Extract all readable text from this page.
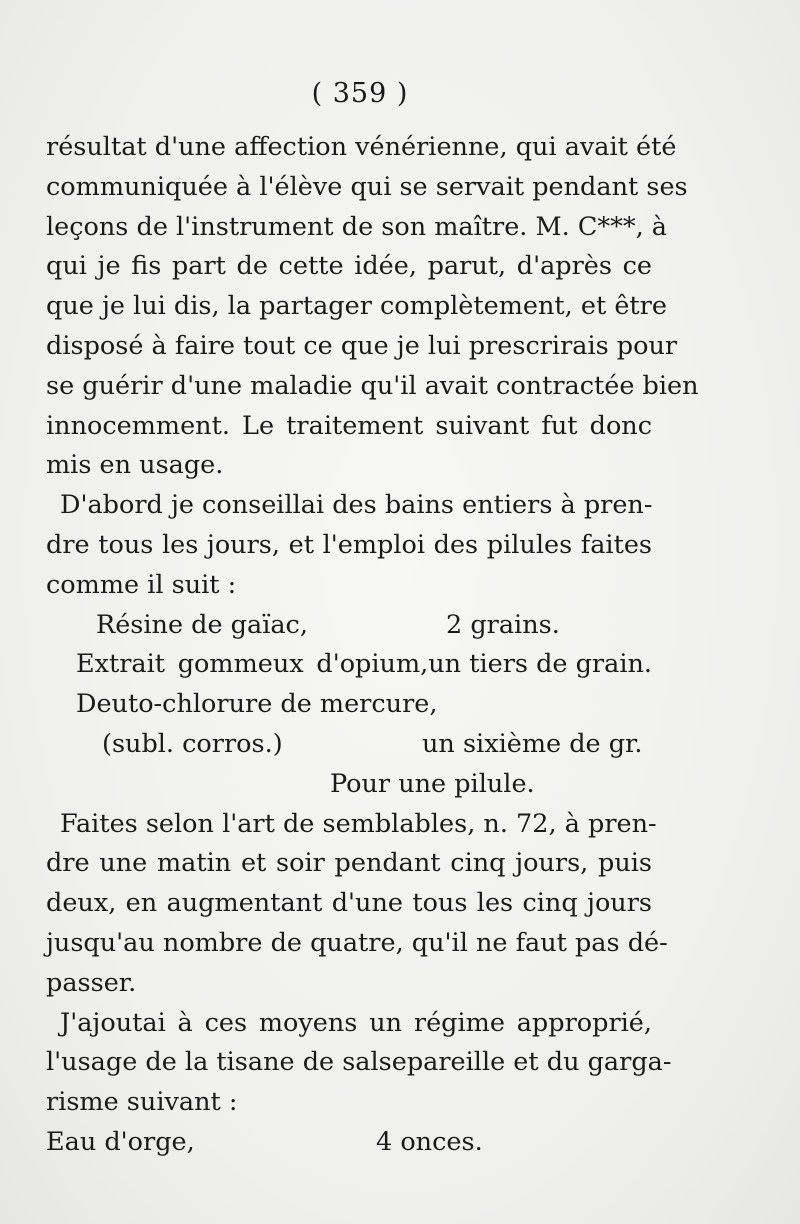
( 359 )
résultat d'une affection vénérienne, qui avait été
communiquée à l'élève qui se servait pendant ses
leçons de l'instrument de son maître. M. C***, à
qui je fis part de cette idée, parut, d'après ce
que je lui dis, la partager complètement, et être
disposé à faire tout ce que je lui prescrirais pour
se guérir d'une maladie qu'il avait contractée bien
innocemment. Le traitement suivant fut donc
mis en usage.
D'abord je conseillai des bains entiers à pren-
dre tous les jours, et l'emploi des pilules faites
comme il suit :
Résine de gaïac,	2 grains.
Extrait gommeux d'opium, un tiers de grain.
Deuto-chlorure de mercure,
(subl. corros.)	un sixième de gr.
Pour une pilule.
Faites selon l'art de semblables, n. 72, à pren-
dre une matin et soir pendant cinq jours, puis
deux, en augmentant d'une tous les cinq jours
jusqu'au nombre de quatre, qu'il ne faut pas dé-
passer.
J'ajoutai à ces moyens un régime approprié,
l'usage de la tisane de salsepareille et du garga-
risme suivant :
Eau d'orge,	4 onces.
